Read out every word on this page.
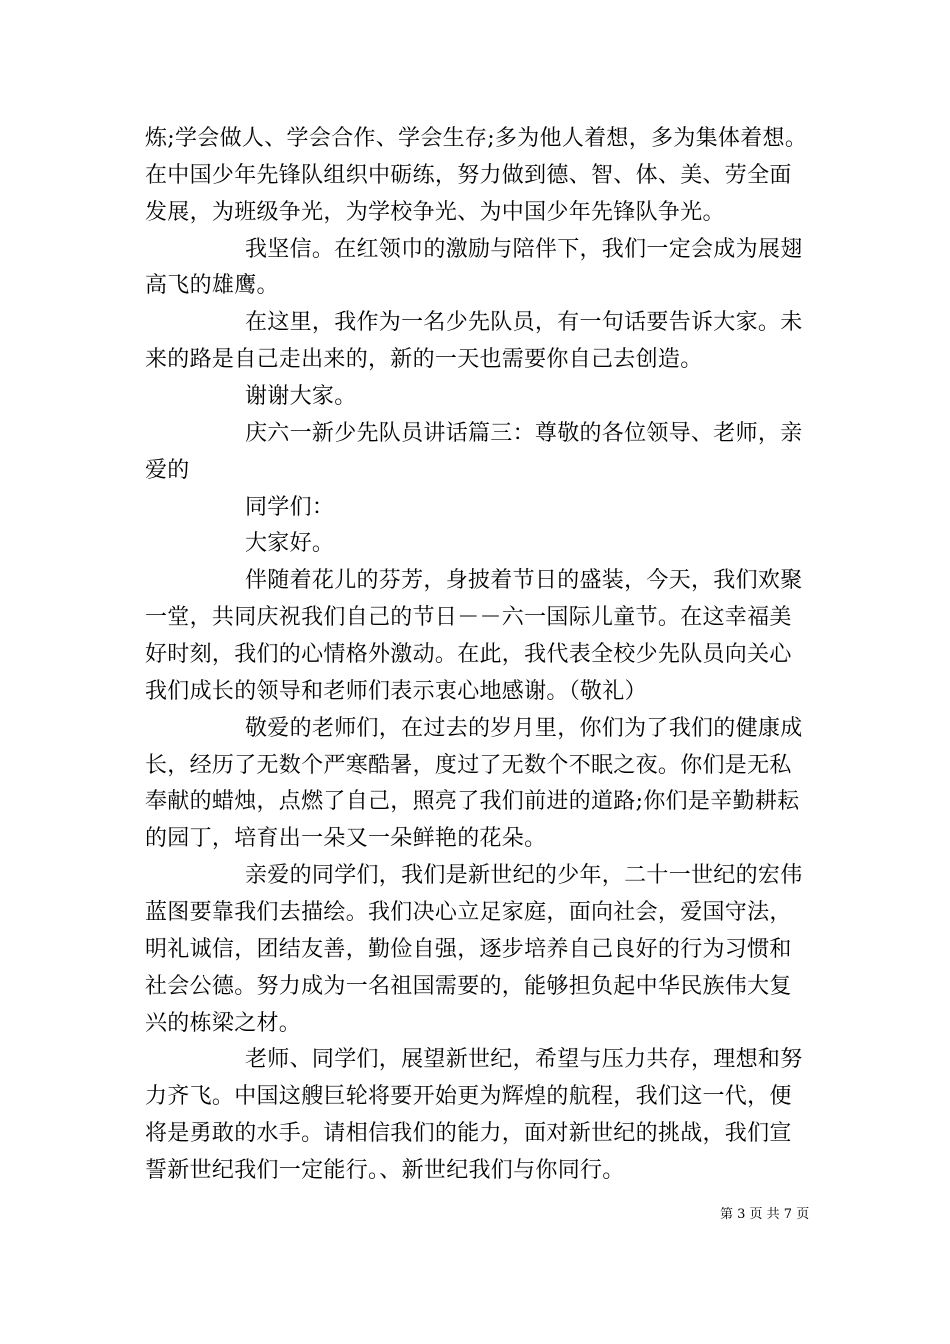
炼;学会做人、学会合作、学会生存;多为他人着想，多为集体着想。
在中国少年先锋队组织中砺练，努力做到德、智、体、美、劳全面
发展，为班级争光，为学校争光、为中国少年先锋队争光。
我坚信。在红领巾的激励与陪伴下，我们一定会成为展翅
高飞的雄鹰。
在这里，我作为一名少先队员，有一句话要告诉大家。未
来的路是自己走出来的，新的一天也需要你自己去创造。
谢谢大家。
庆六一新少先队员讲话篇三：尊敬的各位领导、老师，亲
爱的
同学们：
大家好。
伴随着花儿的芬芳，身披着节日的盛装，今天，我们欢聚
一堂，共同庆祝我们自己的节日－－六一国际儿童节。在这幸福美
好时刻，我们的心情格外激动。在此，我代表全校少先队员向关心
我们成长的领导和老师们表示衷心地感谢。（敬礼）
敬爱的老师们，在过去的岁月里，你们为了我们的健康成
长，经历了无数个严寒酷暑，度过了无数个不眠之夜。你们是无私
奉献的蜡烛，点燃了自己，照亮了我们前进的道路;你们是辛勤耕耘
的园丁，培育出一朵又一朵鲜艳的花朵。
亲爱的同学们，我们是新世纪的少年，二十一世纪的宏伟
蓝图要靠我们去描绘。我们决心立足家庭，面向社会，爱国守法，
明礼诚信，团结友善，勤俭自强，逐步培养自己良好的行为习惯和
社会公德。努力成为一名祖国需要的，能够担负起中华民族伟大复
兴的栋梁之材。
老师、同学们，展望新世纪，希望与压力共存，理想和努
力齐飞。中国这艘巨轮将要开始更为辉煌的航程，我们这一代，便
将是勇敢的水手。请相信我们的能力，面对新世纪的挑战，我们宣
誓新世纪我们一定能行。、新世纪我们与你同行。
第 3 页 共 7 页
